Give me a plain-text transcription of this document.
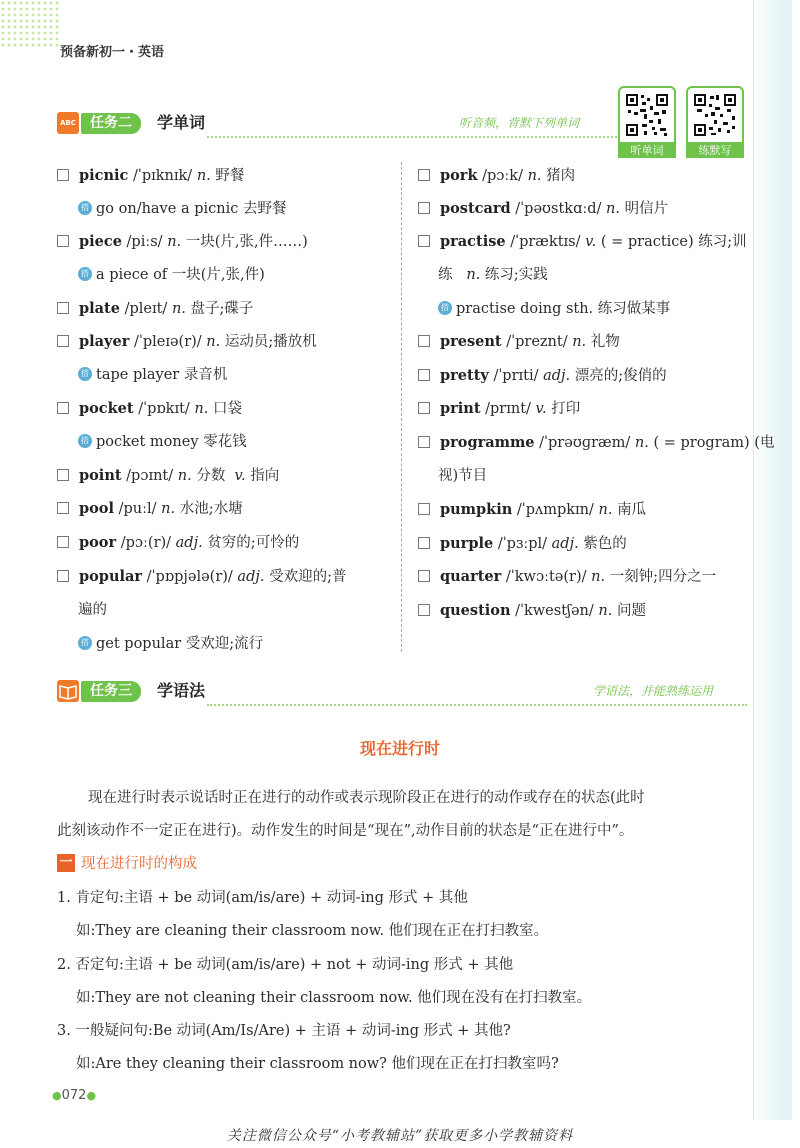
预备新初一・英语
ABC	任务二	学单词	听音频，背默下列单词
听单词	练默写
picnic /ˈpɪknɪk/ n. 野餐
搭 go on/have a picnic 去野餐
piece /piːs/ n. 一块(片,张,件……)
搭 a piece of 一块(片,张,件)
plate /pleɪt/ n. 盘子;碟子
player /ˈpleɪə(r)/ n. 运动员;播放机
搭 tape player 录音机
pocket /ˈpɒkɪt/ n. 口袋
搭 pocket money 零花钱
point /pɔɪnt/ n. 分数 v. 指向
pool /puːl/ n. 水池;水塘
poor /pɔː(r)/ adj. 贫穷的;可怜的
popular /ˈpɒpjələ(r)/ adj. 受欢迎的;普
遍的
搭 get popular 受欢迎;流行
pork /pɔːk/ n. 猪肉
postcard /ˈpəʊstkɑːd/ n. 明信片
practise /ˈpræktɪs/ v. ( = practice) 练习;训
练 n. 练习;实践
搭 practise doing sth. 练习做某事
present /ˈpreznt/ n. 礼物
pretty /ˈprɪti/ adj. 漂亮的;俊俏的
print /prɪnt/ v. 打印
programme /ˈprəʊɡræm/ n. ( = program) (电
视)节目
pumpkin /ˈpʌmpkɪn/ n. 南瓜
purple /ˈpɜːpl/ adj. 紫色的
quarter /ˈkwɔːtə(r)/ n. 一刻钟;四分之一
question /ˈkwestʃən/ n. 问题
任务三	学语法	学语法，并能熟练运用
现在进行时
现在进行时表示说话时正在进行的动作或表示现阶段正在进行的动作或存在的状态(此时
此刻该动作不一定正在进行)。动作发生的时间是“现在”,动作目前的状态是“正在进行中”。
一 现在进行时的构成
1. 肯定句:主语 + be 动词(am/is/are) + 动词-ing 形式 + 其他
如:They are cleaning their classroom now. 他们现在正在打扫教室。
2. 否定句:主语 + be 动词(am/is/are) + not + 动词-ing 形式 + 其他
如:They are not cleaning their classroom now. 他们现在没有在打扫教室。
3. 一般疑问句:Be 动词(Am/Is/Are) + 主语 + 动词-ing 形式 + 其他?
如:Are they cleaning their classroom now? 他们现在正在打扫教室吗?
●072●
关注微信公众号“小考教辅站”获取更多小学教辅资料
